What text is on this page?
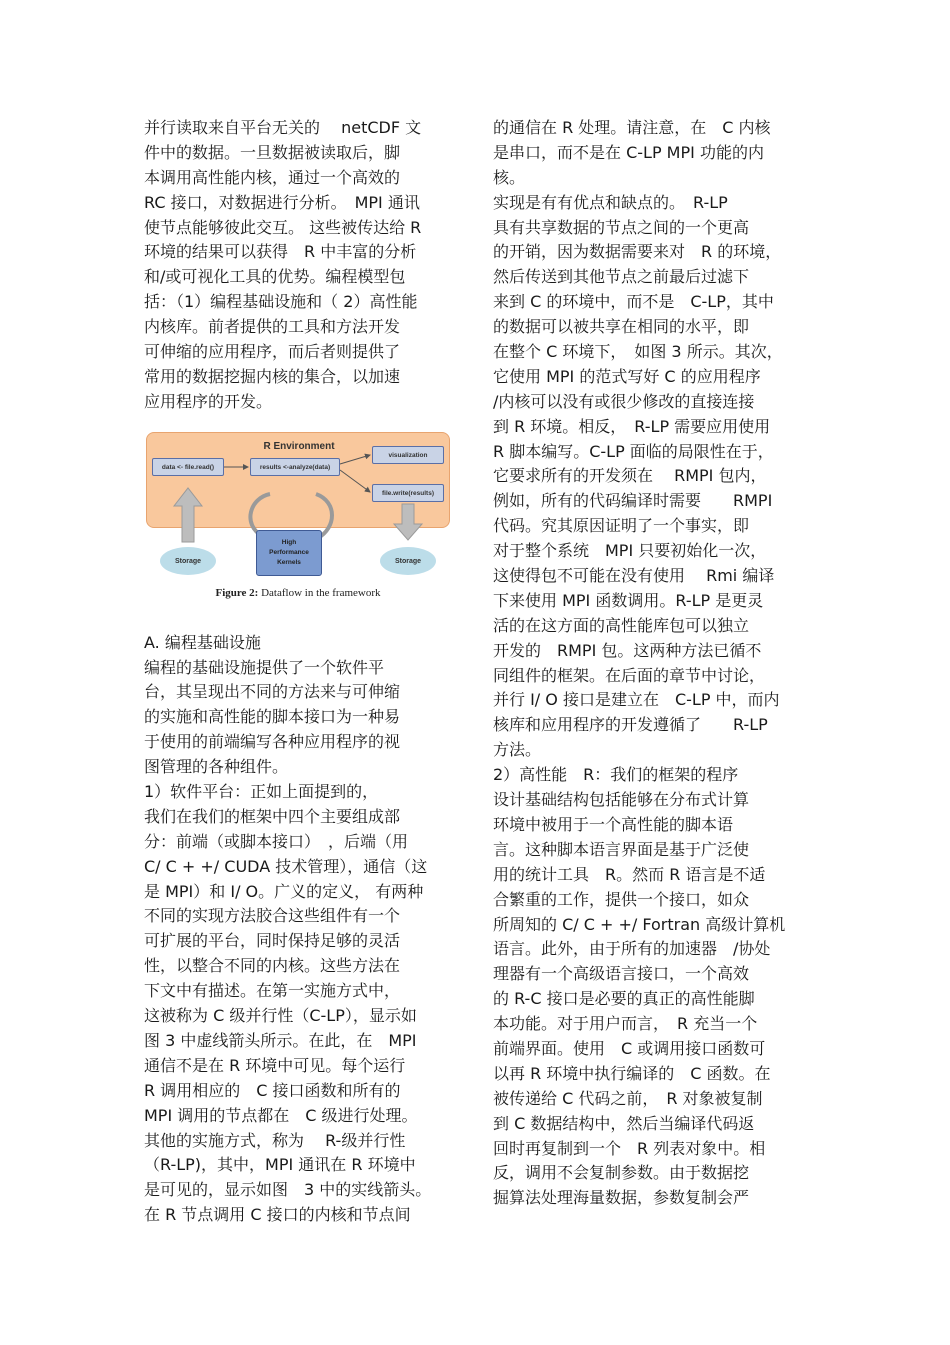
并行读取来自平台无关的　 netCDF 文
件中的数据。一旦数据被读取后，脚
本调用高性能内核，通过一个高效的
RC 接口，对数据进行分析。　MPI 通讯
使节点能够彼此交互。 这些被传达给 R
环境的结果可以获得　R 中丰富的分析
和/或可视化工具的优势。编程模型包
括：（1）编程基础设施和（ 2）高性能
内核库。前者提供的工具和方法开发
可伸缩的应用程序，而后者则提供了
常用的数据挖掘内核的集合，以加速
应用程序的开发。
A. 编程基础设施
编程的基础设施提供了一个软件平
台，其呈现出不同的方法来与可伸缩
的实施和高性能的脚本接口为一种易
于使用的前端编写各种应用程序的视
图管理的各种组件。
1）软件平台：正如上面提到的，
我们在我们的框架中四个主要组成部
分：前端（或脚本接口）　，后端（用
C/ C + +/ CUDA 技术管理），通信（这
是 MPI）和 I/ O。广义的定义， 有两种
不同的实现方法胶合这些组件有一个
可扩展的平台，同时保持足够的灵活
性，以整合不同的内核。这些方法在
下文中有描述。在第一实施方式中，
这被称为 C 级并行性（C-LP），显示如
图 3 中虚线箭头所示。在此，在　MPI
通信不是在 R 环境中可见。每个运行
R 调用相应的　C 接口函数和所有的
MPI 调用的节点都在　C 级进行处理。
其他的实施方式，称为　 R-级并行性
（R-LP)，其中，MPI 通讯在 R 环境中
是可见的，显示如图　3 中的实线箭头。
在 R 节点调用 C 接口的内核和节点间
R Environment
data <- file.read()	results <-analyze(data)
visualization
file.write(results)
High
Performance
Kernels
Storage	Storage
Figure 2: Dataflow in the framework
的通信在 R 处理。请注意，在　C 内核
是串口，而不是在 C-LP MPI 功能的内
核。
实现是有有优点和缺点的。　R-LP
具有共享数据的节点之间的一个更高
的开销，因为数据需要来对　R 的环境，
然后传送到其他节点之前最后过滤下
来到 C 的环境中，而不是　C-LP，其中
的数据可以被共享在相同的水平，即
在整个 C 环境下，　如图 3 所示。其次，
它使用 MPI 的范式写好 C 的应用程序
/内核可以没有或很少修改的直接连接
到 R 环境。相反，　R-LP 需要应用使用
R 脚本编写。C-LP 面临的局限性在于，
它要求所有的开发须在　 RMPI 包内，
例如，所有的代码编译时需要　　RMPI
代码。究其原因证明了一个事实，即
对于整个系统　MPI 只要初始化一次，
这使得包不可能在没有使用　 Rmi 编译
下来使用 MPI 函数调用。R-LP 是更灵
活的在这方面的高性能库包可以独立
开发的　RMPI 包。这两种方法已循不
同组件的框架。在后面的章节中讨论，
并行 I/ O 接口是建立在　C-LP 中，而内
核库和应用程序的开发遵循了　　R-LP
方法。
2）高性能　R：我们的框架的程序
设计基础结构包括能够在分布式计算
环境中被用于一个高性能的脚本语
言。这种脚本语言界面是基于广泛使
用的统计工具　R。然而 R 语言是不适
合繁重的工作，提供一个接口，如众
所周知的 C/ C + +/ Fortran 高级计算机
语言。此外，由于所有的加速器　/协处
理器有一个高级语言接口，一个高效
的 R-C 接口是必要的真正的高性能脚
本功能。对于用户而言，　R 充当一个
前端界面。使用　C 或调用接口函数可
以再 R 环境中执行编译的　C 函数。在
被传递给 C 代码之前，　R 对象被复制
到 C 数据结构中，然后当编译代码返
回时再复制到一个　R 列表对象中。相
反，调用不会复制参数。由于数据挖
掘算法处理海量数据，参数复制会严
